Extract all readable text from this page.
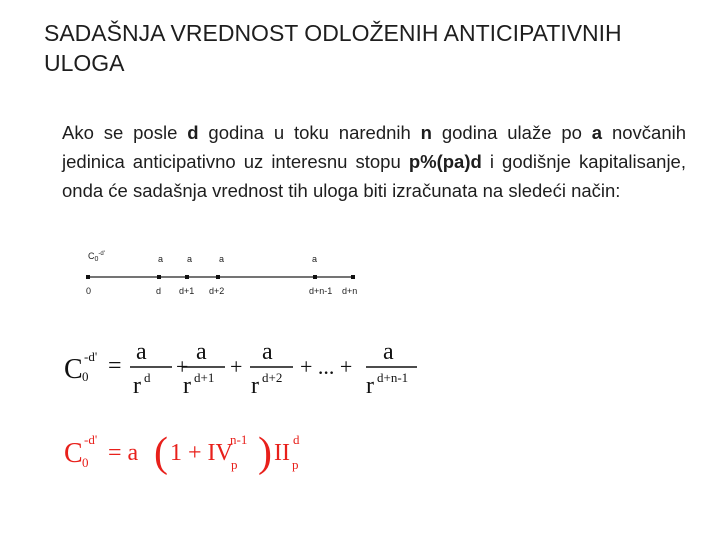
SADAŠNJA VREDNOST ODLOŽENIH ANTICIPATIVNIH ULOGA
Ako se posle d godina u toku narednih n godina ulaže po a novčanih jedinica anticipativno uz interesnu stopu p%(pa)d i godišnje kapitalisanje, onda će sadašnja vrednost tih uloga biti izračunata na sledeći način:
$C_0^{-d'}$	a	a	a	a
0	d d+1 d+2	d+n-1 d+n
C 0
-d' =
a
r d +
a
r d+1 +
a
r d+2 + ... +
a
r d+n-1
C 0
-d'
= a ( 1 + IV
p
n-1 ) II p
d
